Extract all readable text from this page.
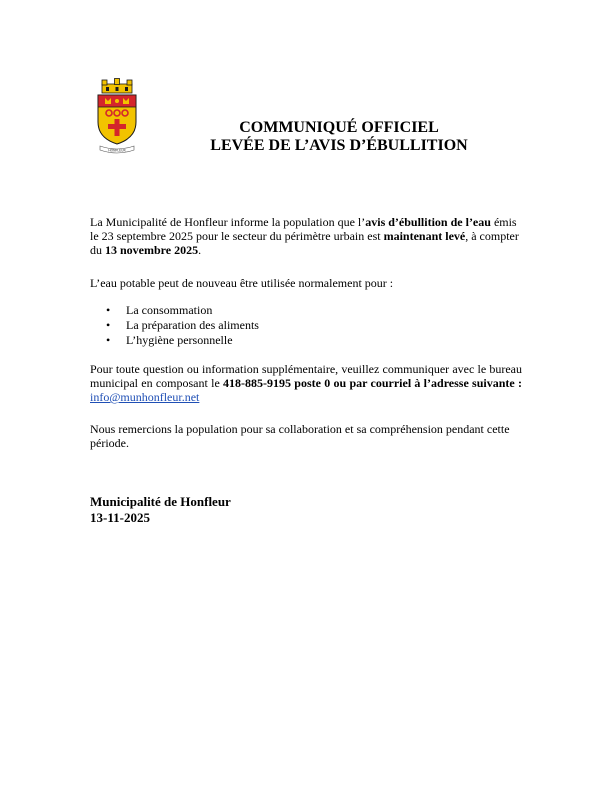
HONFLEUR
COMMUNIQUÉ OFFICIEL
LEVÉE DE L’AVIS D’ÉBULLITION
La Municipalité de Honfleur informe la population que l’avis d’ébullition de l’eau émis le 23 septembre 2025 pour le secteur du périmètre urbain est maintenant levé, à compter du 13 novembre 2025.
L’eau potable peut de nouveau être utilisée normalement pour :
• La consommation
• La préparation des aliments
• L’hygiène personnelle
Pour toute question ou information supplémentaire, veuillez communiquer avec le bureau municipal en composant le 418-885-9195 poste 0 ou par courriel à l’adresse suivante : info@munhonfleur.net
Nous remercions la population pour sa collaboration et sa compréhension pendant cette période.
Municipalité de Honfleur
13-11-2025
